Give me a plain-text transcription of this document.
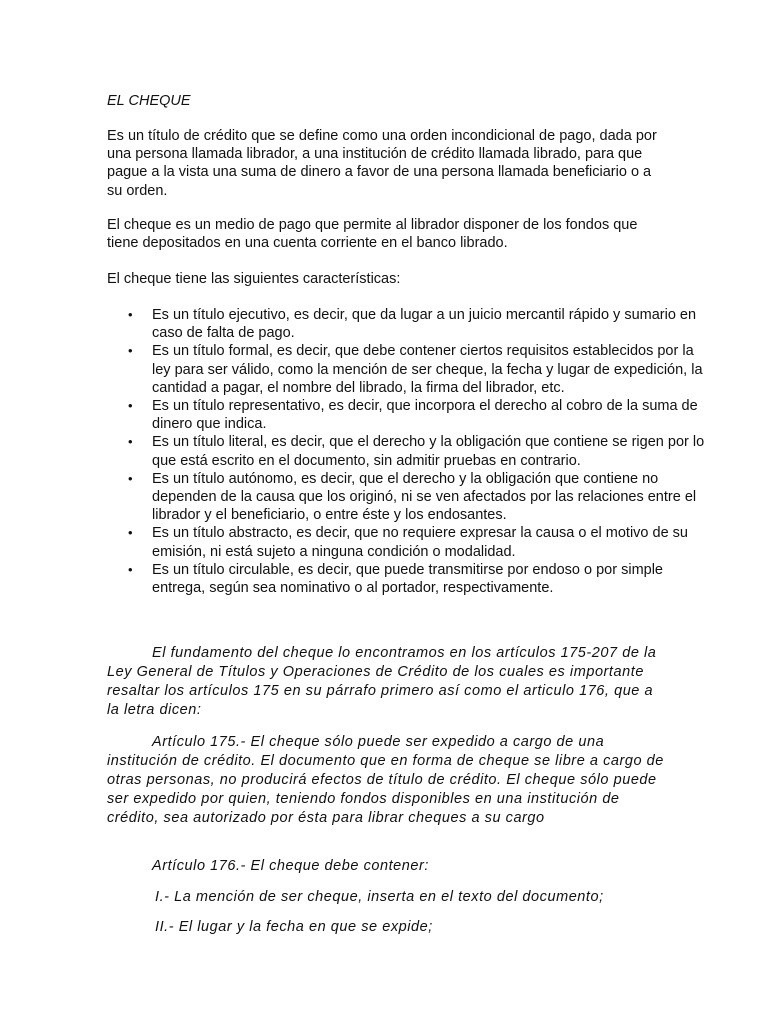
EL CHEQUE

Es un título de crédito que se define como una orden incondicional de pago, dada por una persona llamada librador, a una institución de crédito llamada librado, para que pague a la vista una suma de dinero a favor de una persona llamada beneficiario o a su orden.

El cheque es un medio de pago que permite al librador disponer de los fondos que tiene depositados en una cuenta corriente en el banco librado.

El cheque tiene las siguientes características:

• Es un título ejecutivo, es decir, que da lugar a un juicio mercantil rápido y sumario en caso de falta de pago.
• Es un título formal, es decir, que debe contener ciertos requisitos establecidos por la ley para ser válido, como la mención de ser cheque, la fecha y lugar de expedición, la cantidad a pagar, el nombre del librado, la firma del librador, etc.
• Es un título representativo, es decir, que incorpora el derecho al cobro de la suma de dinero que indica.
• Es un título literal, es decir, que el derecho y la obligación que contiene se rigen por lo que está escrito en el documento, sin admitir pruebas en contrario.
• Es un título autónomo, es decir, que el derecho y la obligación que contiene no dependen de la causa que los originó, ni se ven afectados por las relaciones entre el librador y el beneficiario, o entre éste y los endosantes.
• Es un título abstracto, es decir, que no requiere expresar la causa o el motivo de su emisión, ni está sujeto a ninguna condición o modalidad.
• Es un título circulable, es decir, que puede transmitirse por endoso o por simple entrega, según sea nominativo o al portador, respectivamente.

El fundamento del cheque lo encontramos en los artículos 175-207 de la Ley General de Títulos y Operaciones de Crédito de los cuales es importante resaltar los artículos 175 en su párrafo primero así como el articulo 176, que a la letra dicen:

Artículo 175.- El cheque sólo puede ser expedido a cargo de una institución de crédito. El documento que en forma de cheque se libre a cargo de otras personas, no producirá efectos de título de crédito. El cheque sólo puede ser expedido por quien, teniendo fondos disponibles en una institución de crédito, sea autorizado por ésta para librar cheques a su cargo

Artículo 176.- El cheque debe contener:

I.- La mención de ser cheque, inserta en el texto del documento;

II.- El lugar y la fecha en que se expide;
